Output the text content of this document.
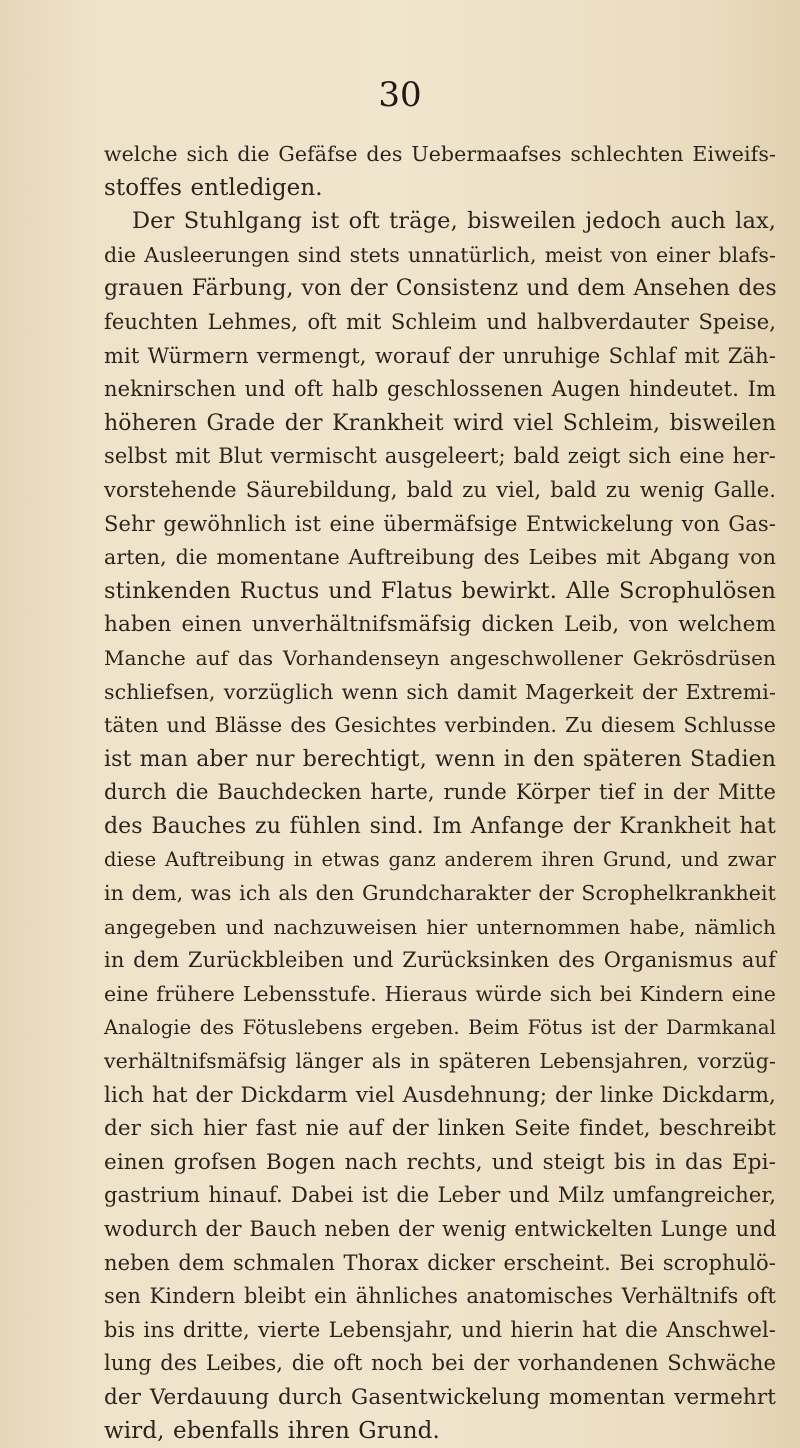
30
welche sich die Gefäfse des Uebermaafses schlechten Eiweifs-
stoffes entledigen.
Der Stuhlgang ist oft träge, bisweilen jedoch auch lax,
die Ausleerungen sind stets unnatürlich, meist von einer blafs-
grauen Färbung, von der Consistenz und dem Ansehen des
feuchten Lehmes, oft mit Schleim und halbverdauter Speise,
mit Würmern vermengt, worauf der unruhige Schlaf mit Zäh-
neknirschen und oft halb geschlossenen Augen hindeutet. Im
höheren Grade der Krankheit wird viel Schleim, bisweilen
selbst mit Blut vermischt ausgeleert; bald zeigt sich eine her-
vorstehende Säurebildung, bald zu viel, bald zu wenig Galle.
Sehr gewöhnlich ist eine übermäfsige Entwickelung von Gas-
arten, die momentane Auftreibung des Leibes mit Abgang von
stinkenden Ructus und Flatus bewirkt. Alle Scrophulösen
haben einen unverhältnifsmäfsig dicken Leib, von welchem
Manche auf das Vorhandenseyn angeschwollener Gekrösdrüsen
schliefsen, vorzüglich wenn sich damit Magerkeit der Extremi-
täten und Blässe des Gesichtes verbinden. Zu diesem Schlusse
ist man aber nur berechtigt, wenn in den späteren Stadien
durch die Bauchdecken harte, runde Körper tief in der Mitte
des Bauches zu fühlen sind. Im Anfange der Krankheit hat
diese Auftreibung in etwas ganz anderem ihren Grund, und zwar
in dem, was ich als den Grundcharakter der Scrophelkrankheit
angegeben und nachzuweisen hier unternommen habe, nämlich
in dem Zurückbleiben und Zurücksinken des Organismus auf
eine frühere Lebensstufe. Hieraus würde sich bei Kindern eine
Analogie des Fötuslebens ergeben. Beim Fötus ist der Darmkanal
verhältnifsmäfsig länger als in späteren Lebensjahren, vorzüg-
lich hat der Dickdarm viel Ausdehnung; der linke Dickdarm,
der sich hier fast nie auf der linken Seite findet, beschreibt
einen grofsen Bogen nach rechts, und steigt bis in das Epi-
gastrium hinauf. Dabei ist die Leber und Milz umfangreicher,
wodurch der Bauch neben der wenig entwickelten Lunge und
neben dem schmalen Thorax dicker erscheint. Bei scrophulö-
sen Kindern bleibt ein ähnliches anatomisches Verhältnifs oft
bis ins dritte, vierte Lebensjahr, und hierin hat die Anschwel-
lung des Leibes, die oft noch bei der vorhandenen Schwäche
der Verdauung durch Gasentwickelung momentan vermehrt
wird, ebenfalls ihren Grund.
